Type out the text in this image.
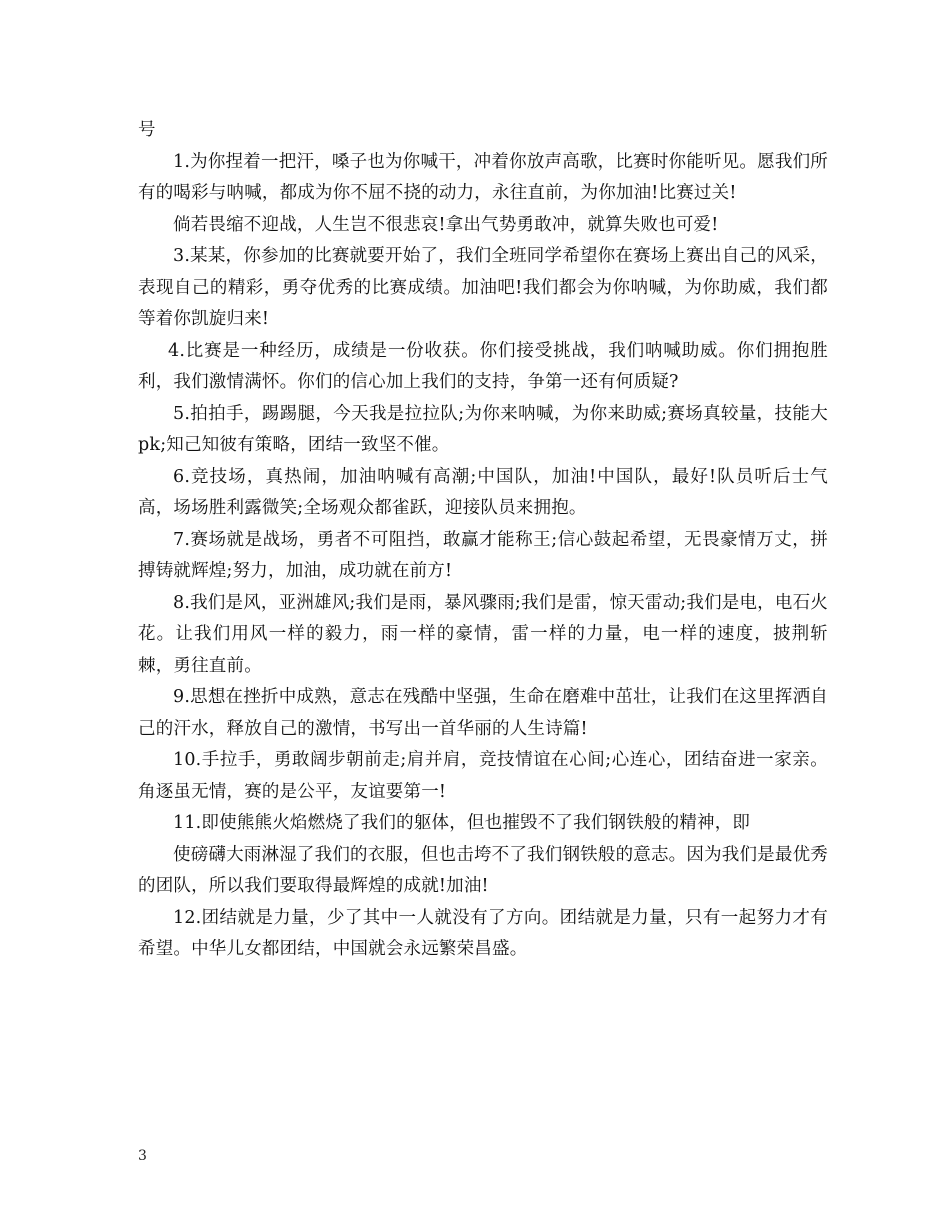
号

1.为你捏着一把汗，嗓子也为你喊干，冲着你放声高歌，比赛时你能听见。愿我们所有的喝彩与呐喊，都成为你不屈不挠的动力，永往直前，为你加油!比赛过关!

倘若畏缩不迎战，人生岂不很悲哀!拿出气势勇敢冲，就算失败也可爱!

3.某某，你参加的比赛就要开始了，我们全班同学希望你在赛场上赛出自己的风采，表现自己的精彩，勇夺优秀的比赛成绩。加油吧!我们都会为你呐喊，为你助威，我们都等着你凯旋归来!

4.比赛是一种经历，成绩是一份收获。你们接受挑战，我们呐喊助威。你们拥抱胜利，我们激情满怀。你们的信心加上我们的支持，争第一还有何质疑?

5.拍拍手，踢踢腿，今天我是拉拉队;为你来呐喊，为你来助威;赛场真较量，技能大pk;知己知彼有策略，团结一致坚不催。

6.竞技场，真热闹，加油呐喊有高潮;中国队，加油!中国队，最好!队员听后士气高，场场胜利露微笑;全场观众都雀跃，迎接队员来拥抱。

7.赛场就是战场，勇者不可阻挡，敢赢才能称王;信心鼓起希望，无畏豪情万丈，拼搏铸就辉煌;努力，加油，成功就在前方!

8.我们是风，亚洲雄风;我们是雨，暴风骤雨;我们是雷，惊天雷动;我们是电，电石火花。让我们用风一样的毅力，雨一样的豪情，雷一样的力量，电一样的速度，披荆斩棘，勇往直前。

9.思想在挫折中成熟，意志在残酷中坚强，生命在磨难中茁壮，让我们在这里挥洒自己的汗水，释放自己的激情，书写出一首华丽的人生诗篇!

10.手拉手，勇敢阔步朝前走;肩并肩，竞技情谊在心间;心连心，团结奋进一家亲。角逐虽无情，赛的是公平，友谊要第一!

11.即使熊熊火焰燃烧了我们的躯体，但也摧毁不了我们钢铁般的精神，即

使磅礴大雨淋湿了我们的衣服，但也击垮不了我们钢铁般的意志。因为我们是最优秀的团队，所以我们要取得最辉煌的成就!加油!

12.团结就是力量，少了其中一人就没有了方向。团结就是力量，只有一起努力才有希望。中华儿女都团结，中国就会永远繁荣昌盛。

3
